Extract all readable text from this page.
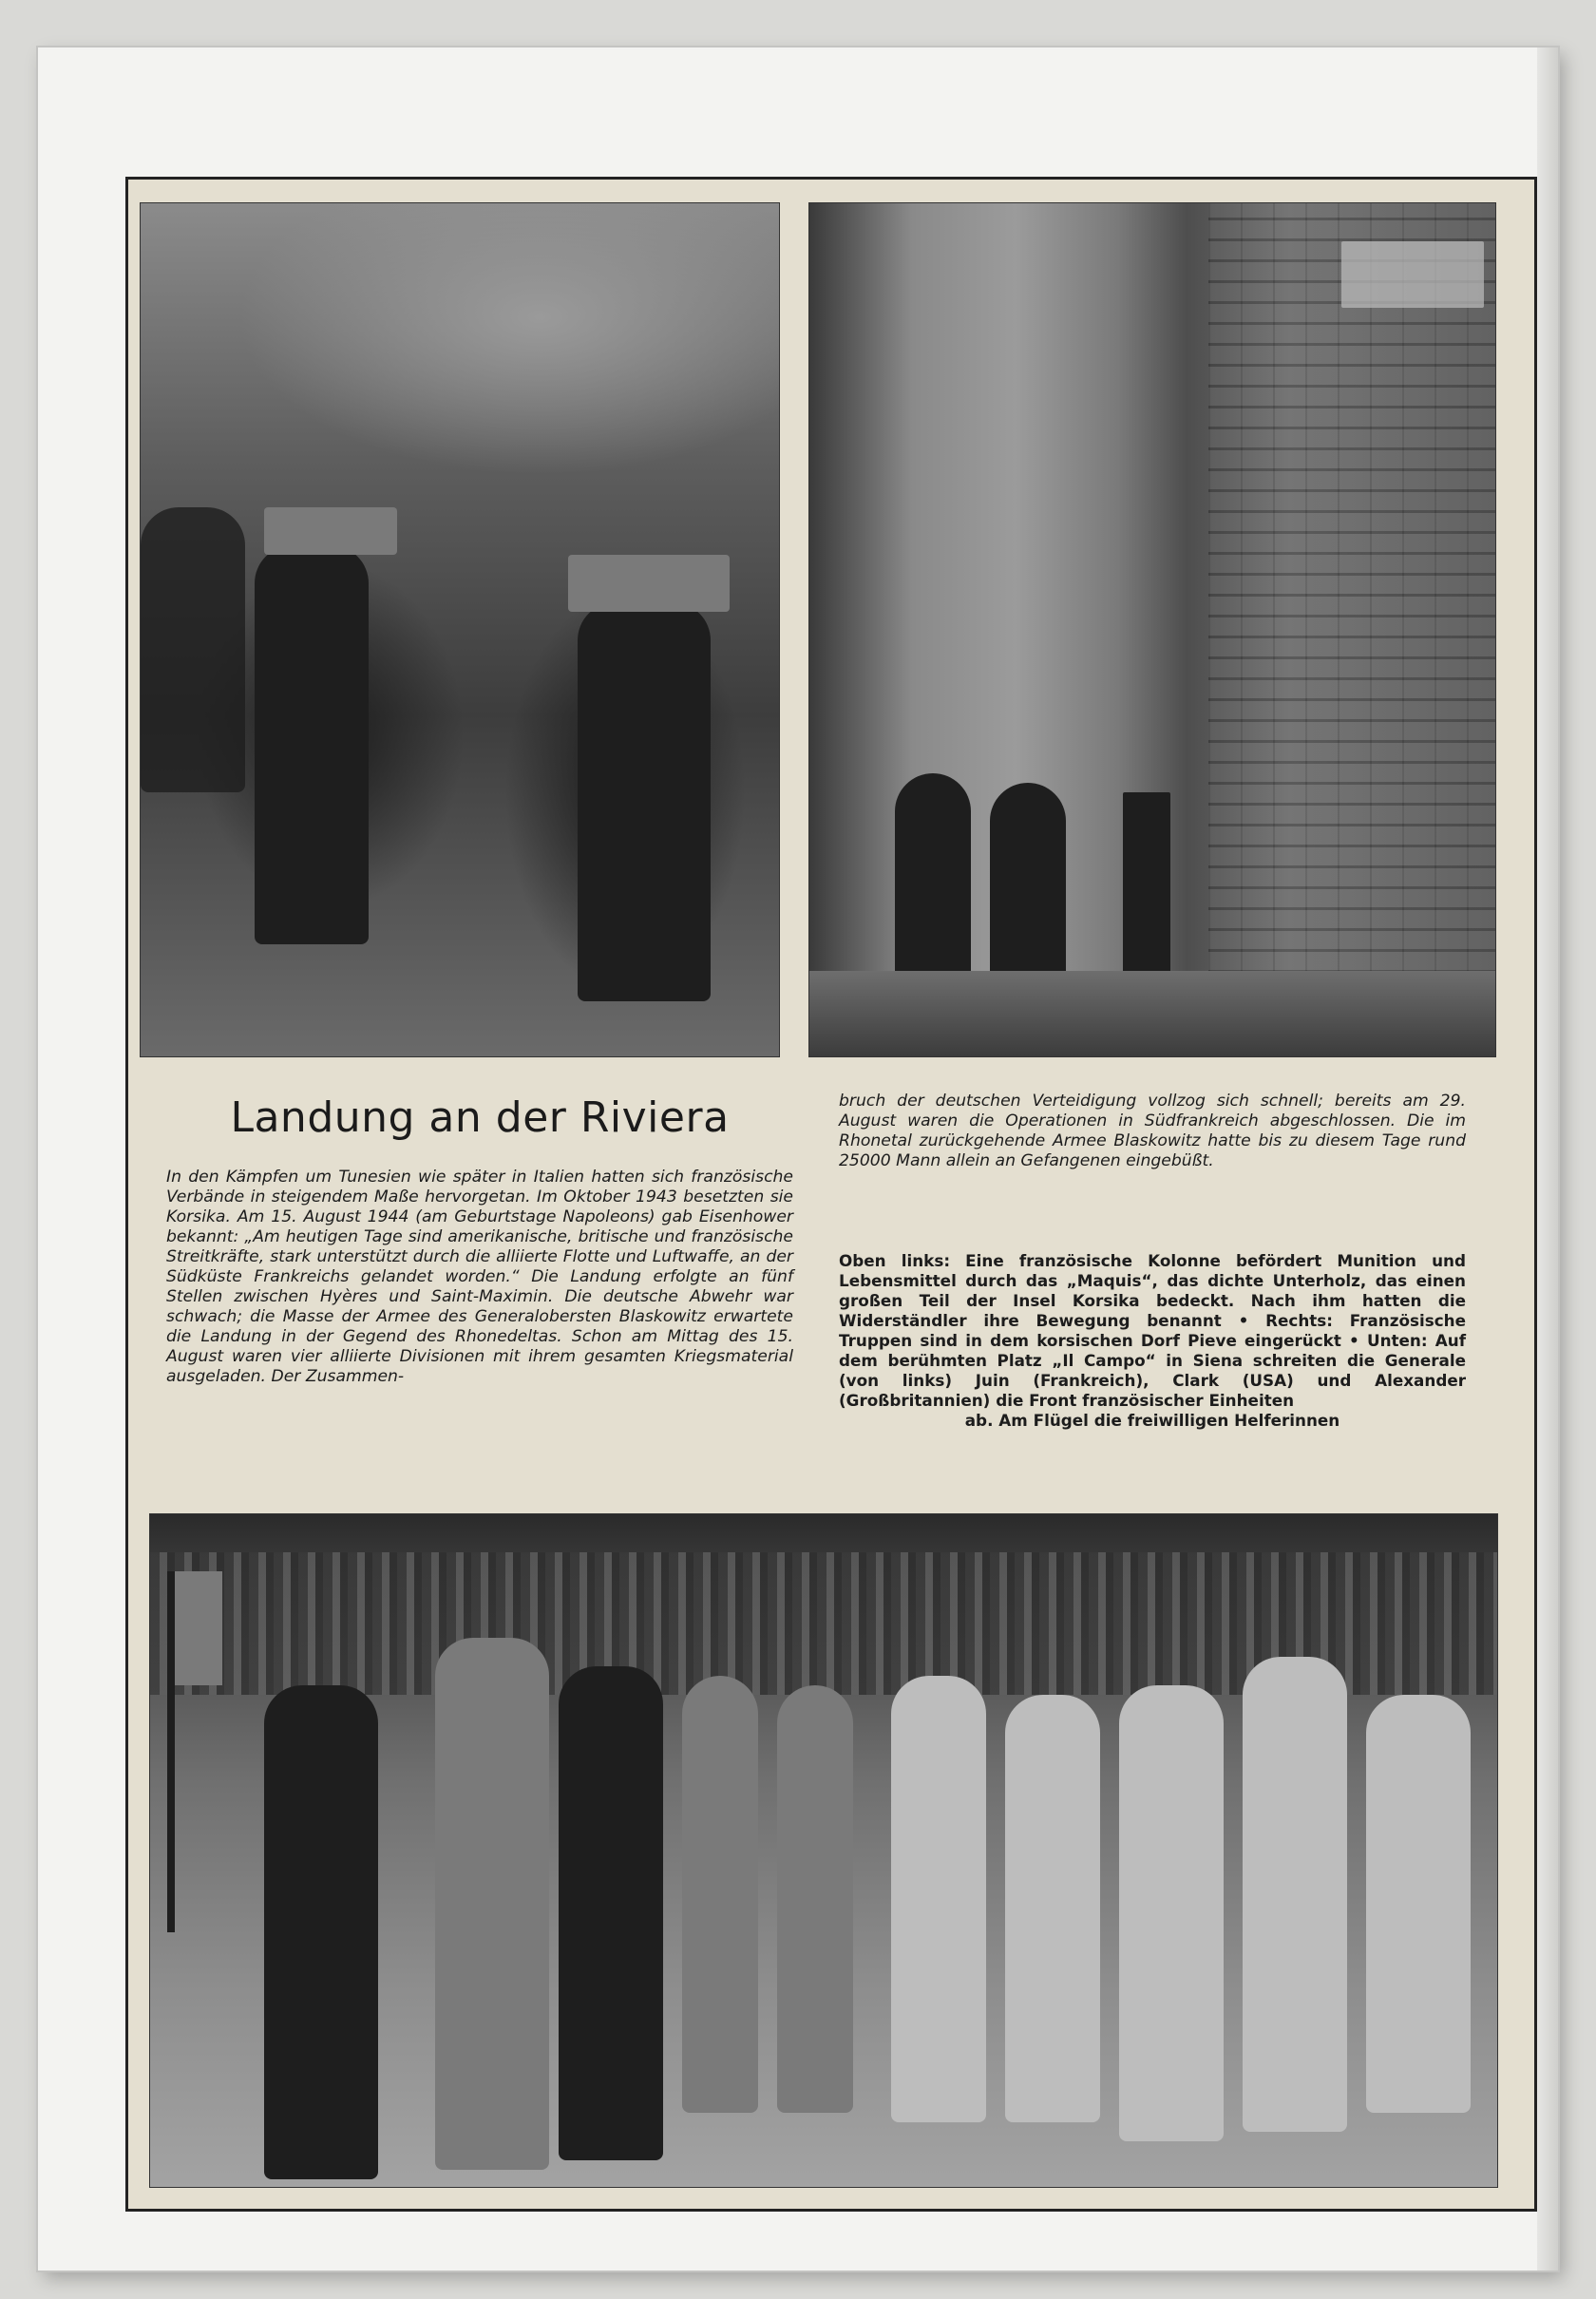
Landung an der Riviera
In den Kämpfen um Tunesien wie später in Italien hatten sich französische Verbände in steigendem Maße hervorgetan. Im Oktober 1943 besetzten sie Korsika. Am 15. August 1944 (am Geburtstage Napoleons) gab Eisenhower bekannt: „Am heutigen Tage sind amerikanische, britische und französische Streitkräfte, stark unterstützt durch die alliierte Flotte und Luftwaffe, an der Südküste Frankreichs gelandet worden.“ Die Landung erfolgte an fünf Stellen zwischen Hyères und Saint-Maximin. Die deutsche Abwehr war schwach; die Masse der Armee des Generalobersten Blaskowitz erwartete die Landung in der Gegend des Rhonedeltas. Schon am Mittag des 15. August waren vier alliierte Divisionen mit ihrem gesamten Kriegsmaterial ausgeladen. Der Zusammen-
bruch der deutschen Verteidigung vollzog sich schnell; bereits am 29. August waren die Operationen in Südfrankreich abgeschlossen. Die im Rhonetal zurückgehende Armee Blaskowitz hatte bis zu diesem Tage rund 25000 Mann allein an Gefangenen eingebüßt.
Oben links: Eine französische Kolonne befördert Munition und Lebensmittel durch das „Maquis“, das dichte Unterholz, das einen großen Teil der Insel Korsika bedeckt. Nach ihm hatten die Widerständler ihre Bewegung benannt • Rechts: Französische Truppen sind in dem korsischen Dorf Pieve eingerückt • Unten: Auf dem berühmten Platz „Il Campo“ in Siena schreiten die Generale (von links) Juin (Frankreich), Clark (USA) und Alexander (Großbritannien) die Front französischer Einheiten
ab. Am Flügel die freiwilligen Helferinnen
